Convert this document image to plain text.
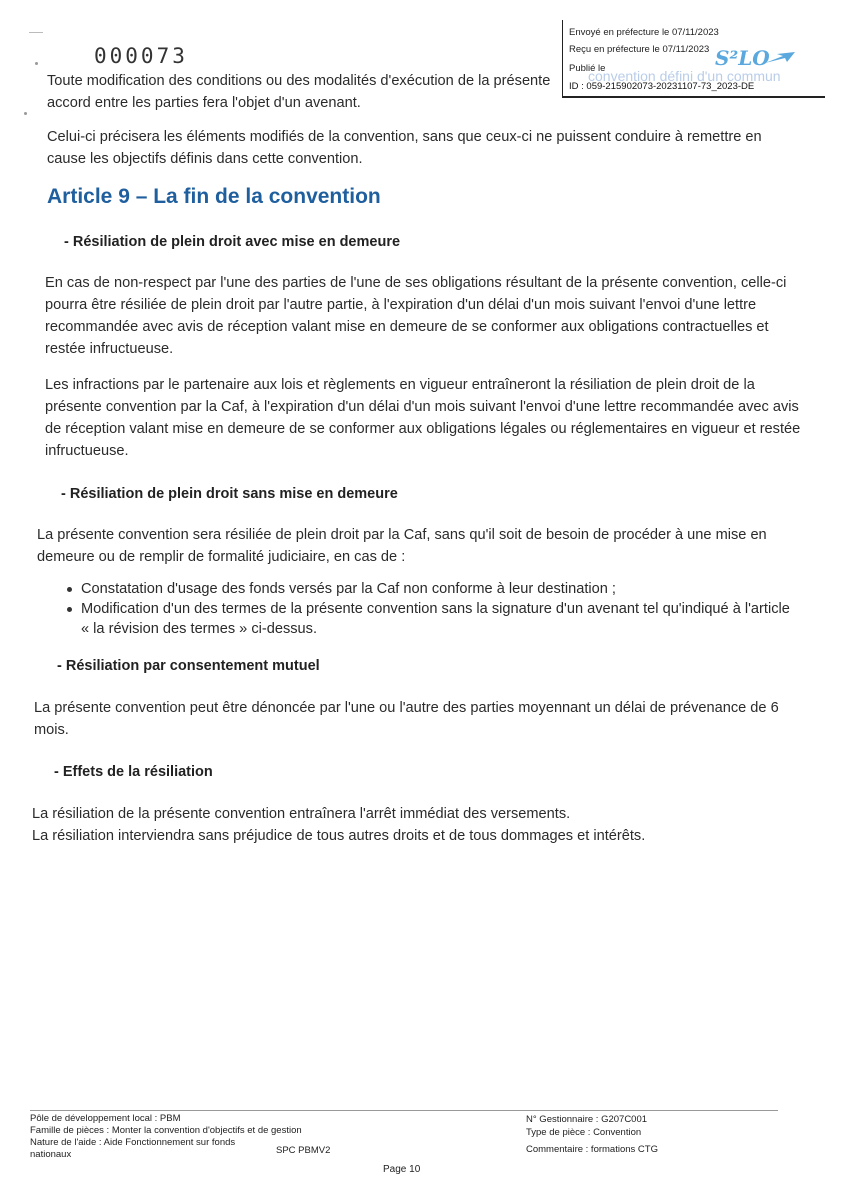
000073
Envoyé en préfecture le 07/11/2023
Reçu en préfecture le 07/11/2023
Publié le
ID : 059-215902073-20231107-73_2023-DE
S²LO
convention défini d'un commun

Toute modification des conditions ou des modalités d'exécution de la présente

accord entre les parties fera l'objet d'un avenant.

Celui-ci précisera les éléments modifiés de la convention, sans que ceux-ci ne puissent conduire à remettre en cause les objectifs définis dans cette convention.

Article 9 – La fin de la convention
- Résiliation de plein droit avec mise en demeure

En cas de non-respect par l'une des parties de l'une de ses obligations résultant de la présente convention, celle-ci pourra être résiliée de plein droit par l'autre partie, à l'expiration d'un délai d'un mois suivant l'envoi d'une lettre recommandée avec avis de réception valant mise en demeure de se conformer aux obligations contractuelles et restée infructueuse.

Les infractions par le partenaire aux lois et règlements en vigueur entraîneront la résiliation de plein droit de la présente convention par la Caf, à l'expiration d'un délai d'un mois suivant l'envoi d'une lettre recommandée avec avis de réception valant mise en demeure de se conformer aux obligations légales ou réglementaires en vigueur et restée infructueuse.

- Résiliation de plein droit sans mise en demeure

La présente convention sera résiliée de plein droit par la Caf, sans qu'il soit de besoin de procéder à une mise en demeure ou de remplir de formalité judiciaire, en cas de :

Constatation d'usage des fonds versés par la Caf non conforme à leur destination ;
Modification d'un des termes de la présente convention sans la signature d'un avenant tel qu'indiqué à l'article « la révision des termes » ci-dessus.
- Résiliation par consentement mutuel

La présente convention peut être dénoncée par l'une ou l'autre des parties moyennant un délai de prévenance de 6 mois.

- Effets de la résiliation

La résiliation de la présente convention entraînera l'arrêt immédiat des versements.

La résiliation interviendra sans préjudice de tous autres droits et de tous dommages et intérêts.

Pôle de développement local : PBM
Famille de pièces : Monter la convention d'objectifs et de gestion
Nature de l'aide : Aide Fonctionnement sur fonds
nationaux	SPC PBMV2
N° Gestionnaire : G207C001
Type de pièce : Convention
Commentaire : formations CTG
Page 10
